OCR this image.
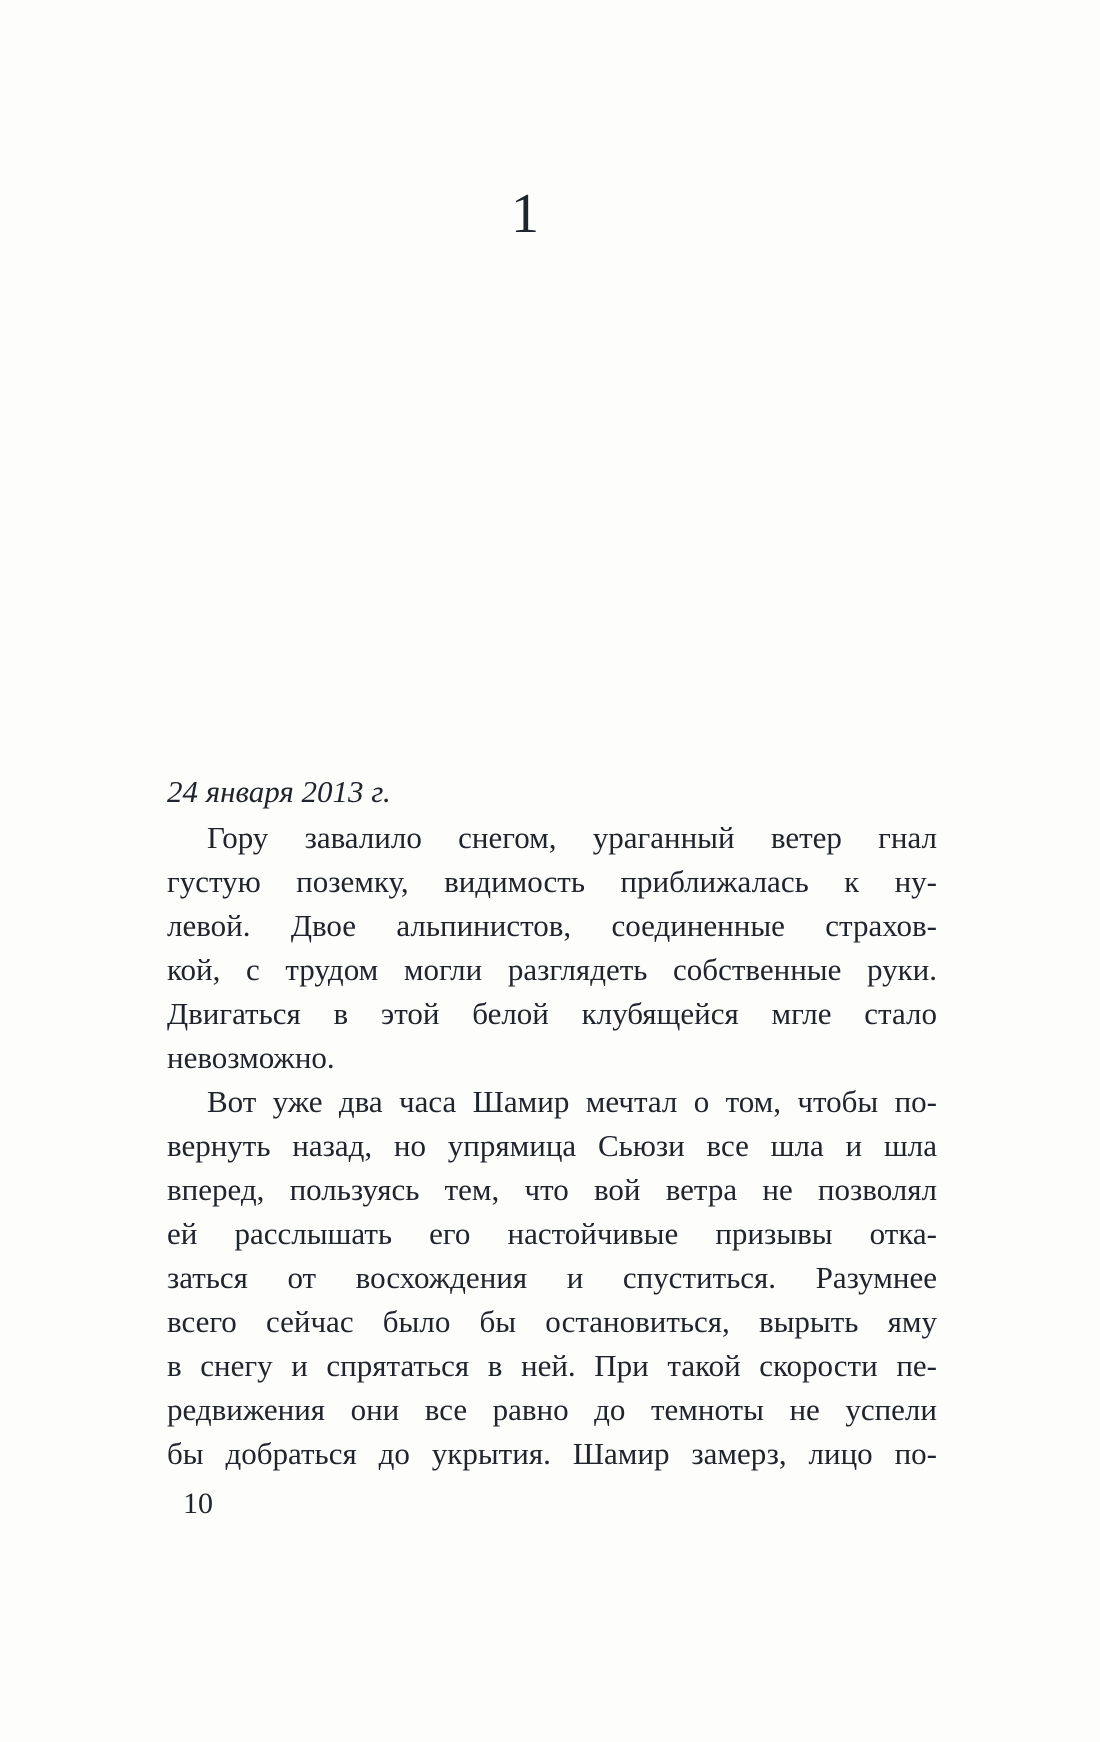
1
24 января 2013 г.
Гору завалило снегом, ураганный ветер гнал
густую поземку, видимость приближалась к ну-
левой. Двое альпинистов, соединенные страхов-
кой, с трудом могли разглядеть собственные руки.
Двигаться в этой белой клубящейся мгле стало
невозможно.
Вот уже два часа Шамир мечтал о том, чтобы по-
вернуть назад, но упрямица Сьюзи все шла и шла
вперед, пользуясь тем, что вой ветра не позволял
ей расслышать его настойчивые призывы отка-
заться от восхождения и спуститься. Разумнее
всего сейчас было бы остановиться, вырыть яму
в снегу и спрятаться в ней. При такой скорости пе-
редвижения они все равно до темноты не успели
бы добраться до укрытия. Шамир замерз, лицо по-
10
